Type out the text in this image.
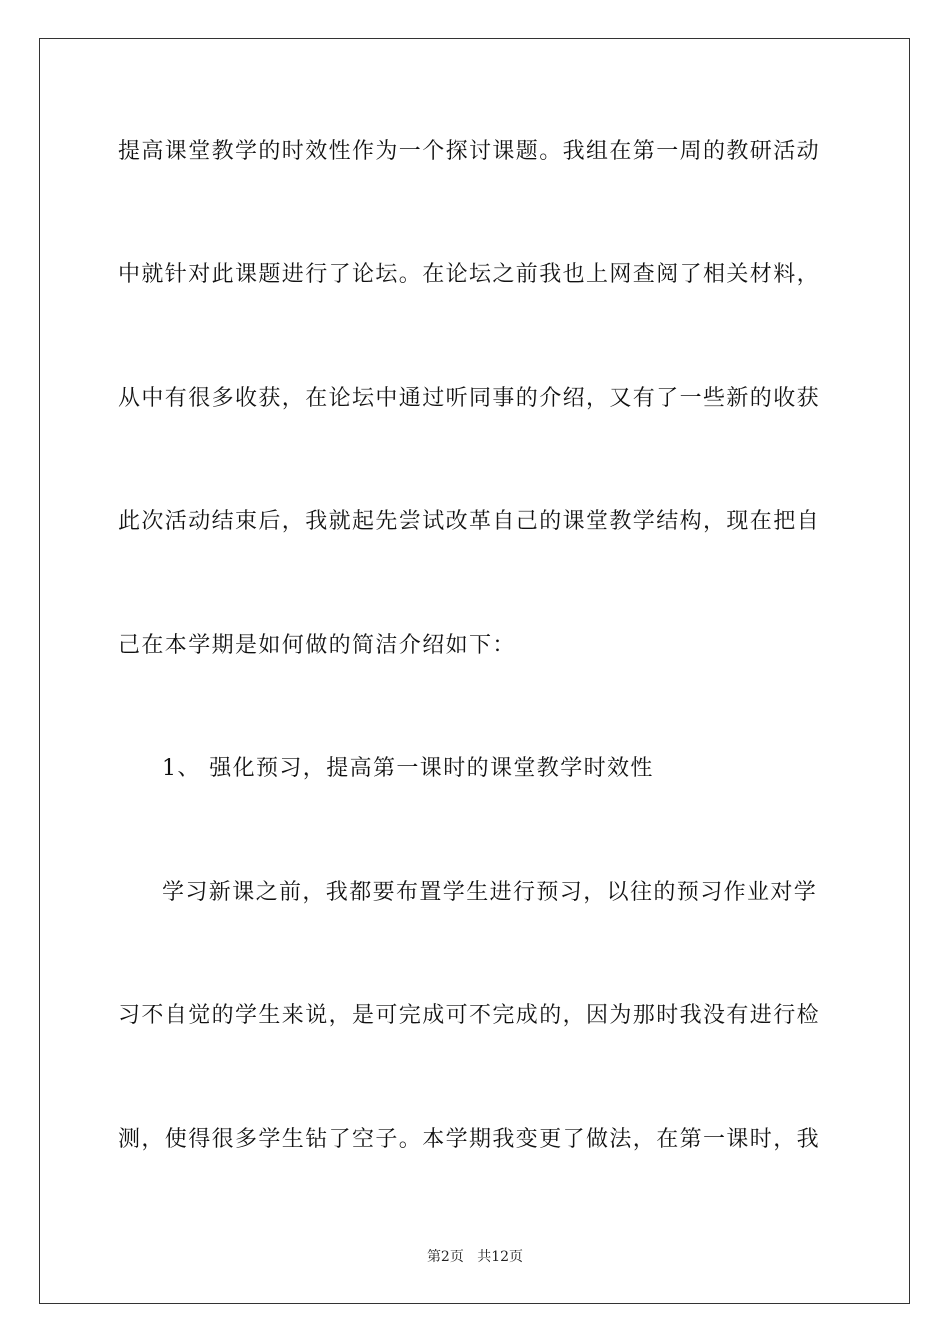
提高课堂教学的时效性作为一个探讨课题。我组在第一周的教研活动
中就针对此课题进行了论坛。在论坛之前我也上网查阅了相关材料，
从中有很多收获，在论坛中通过听同事的介绍，又有了一些新的收获
此次活动结束后，我就起先尝试改革自己的课堂教学结构，现在把自
己在本学期是如何做的简洁介绍如下：
1、 强化预习，提高第一课时的课堂教学时效性
学习新课之前，我都要布置学生进行预习，以往的预习作业对学
习不自觉的学生来说，是可完成可不完成的，因为那时我没有进行检
测，使得很多学生钻了空子。本学期我变更了做法，在第一课时，我
第2页 共12页
